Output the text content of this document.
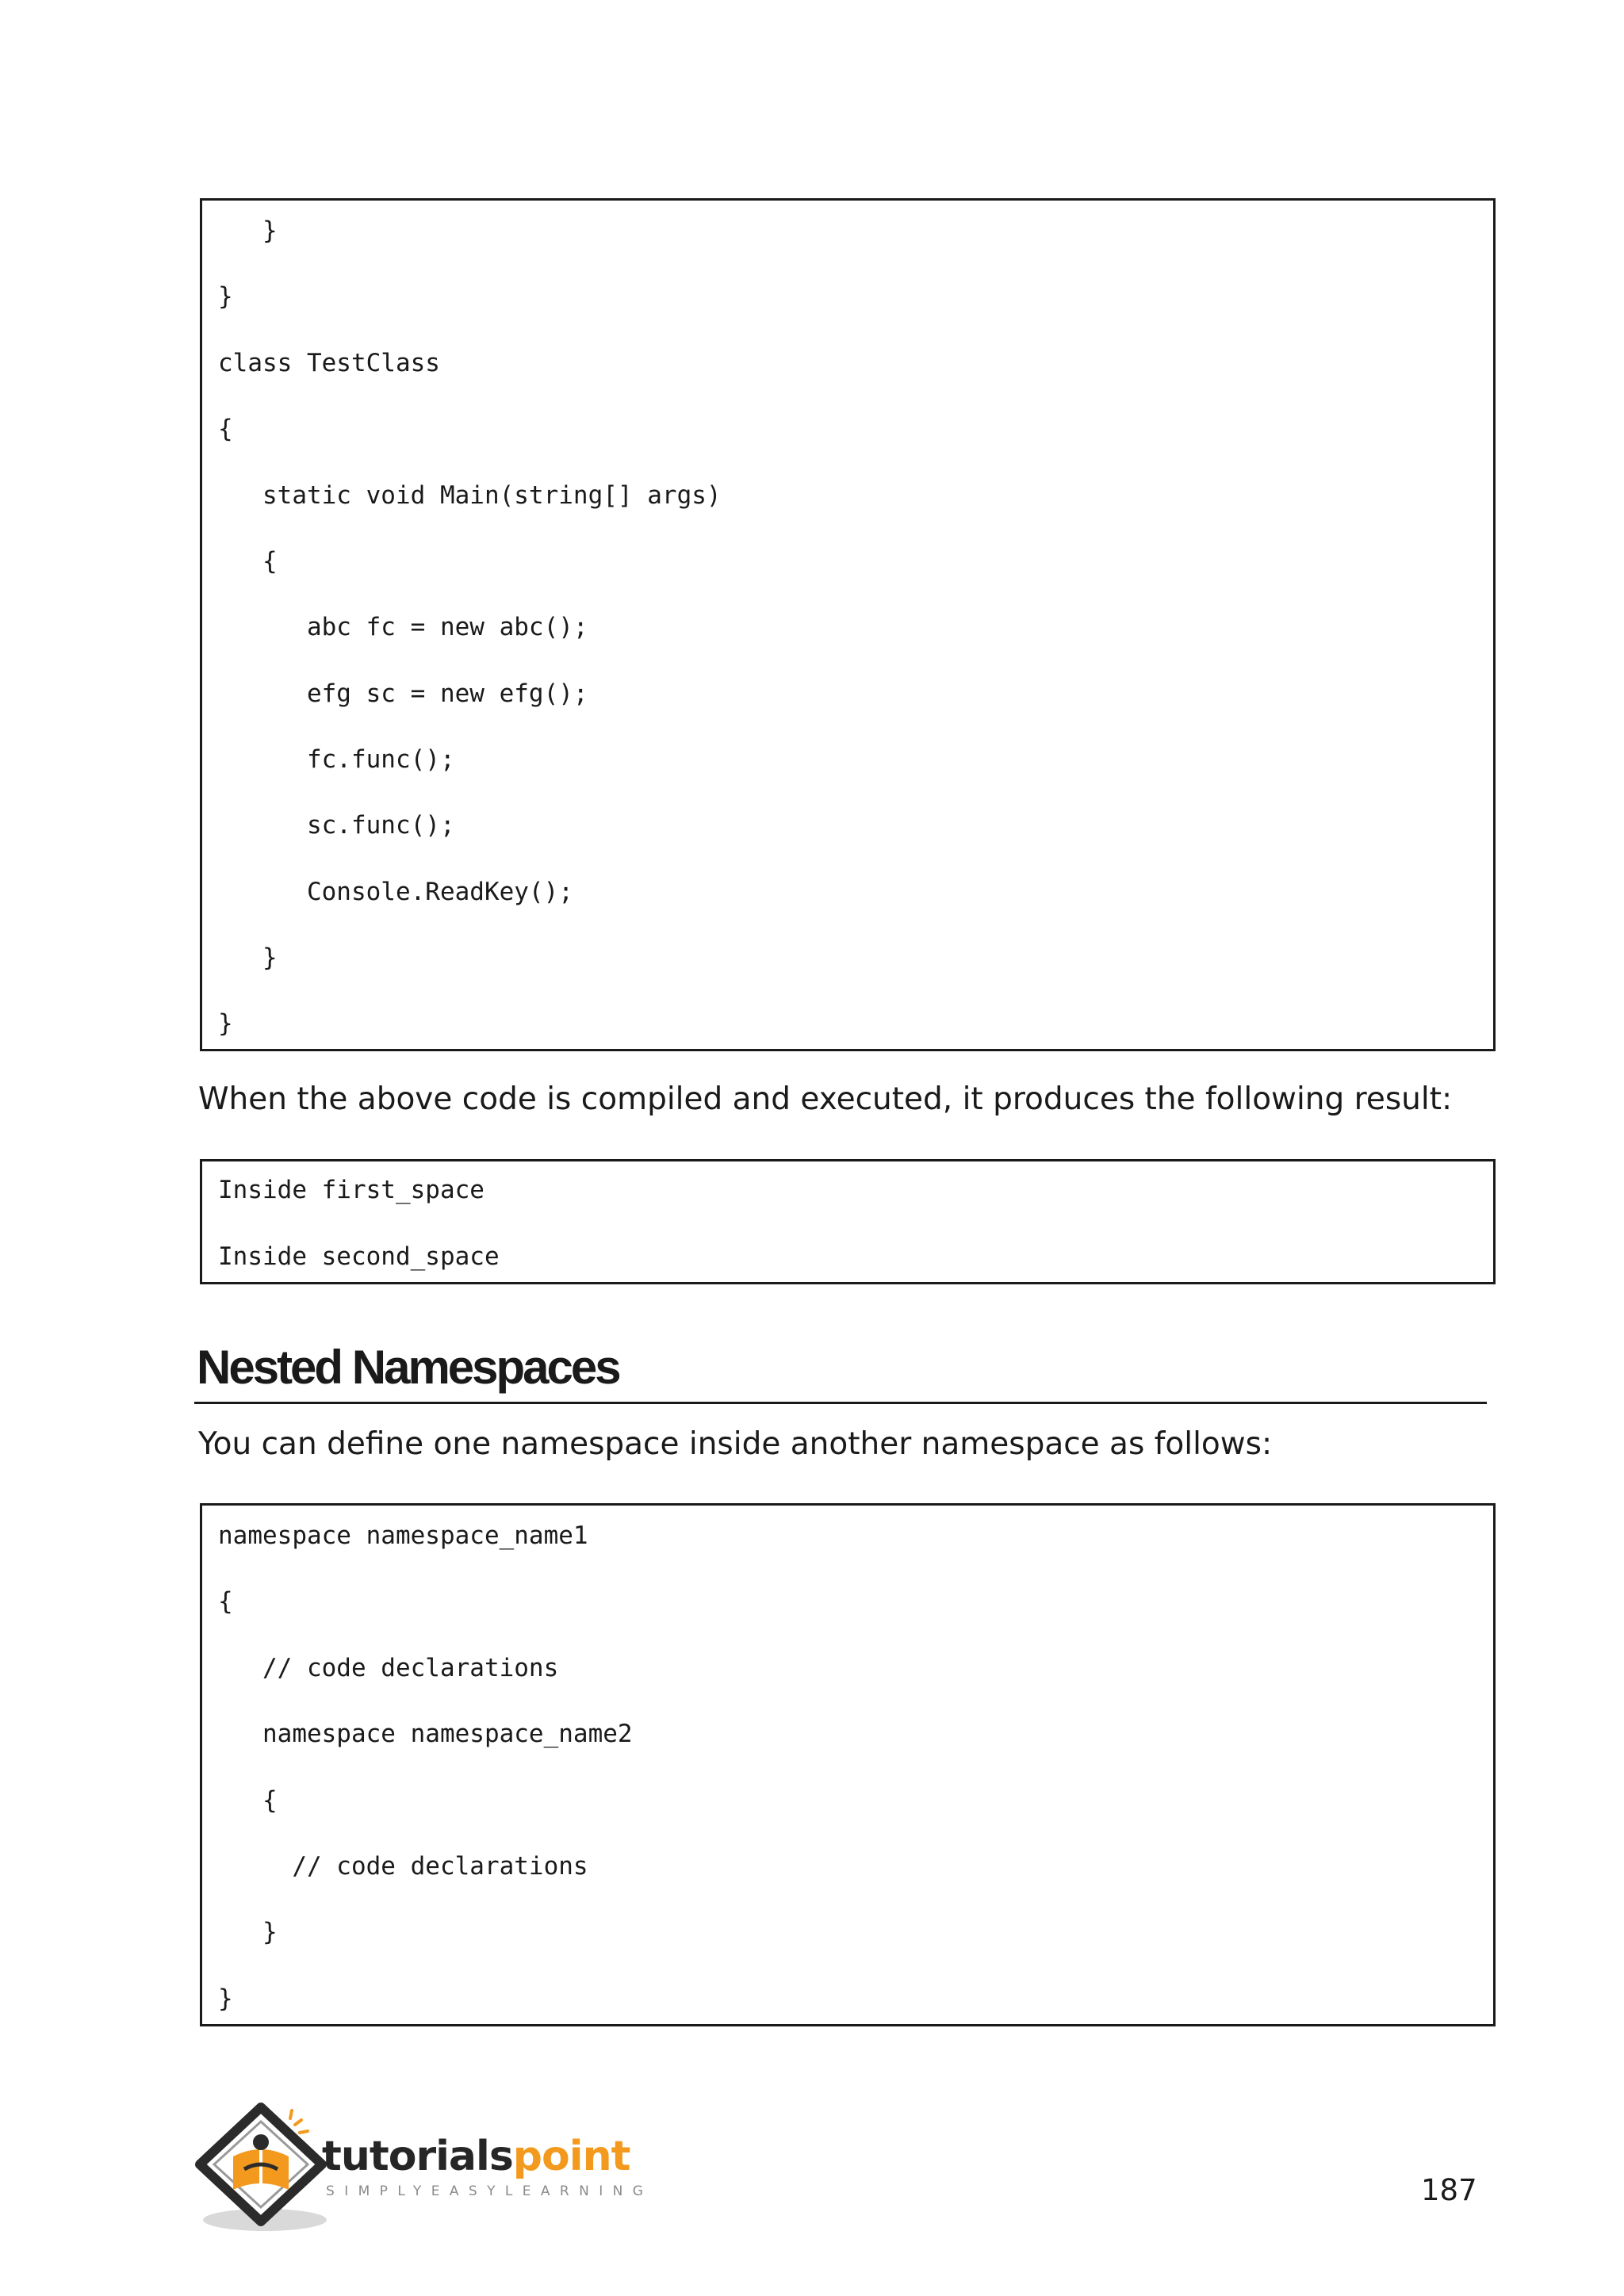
}
}
class TestClass
{
static void Main(string[] args)
{
abc fc = new abc();
efg sc = new efg();
fc.func();
sc.func();
Console.ReadKey();
}
}
When the above code is compiled and executed, it produces the following result:
Inside first_space
Inside second_space
Nested Namespaces
You can define one namespace inside another namespace as follows:
namespace namespace_name1
{
// code declarations
namespace namespace_name2
{
// code declarations
}
}
tutorialspoint
SIMPLYEASYLEARNING	187
